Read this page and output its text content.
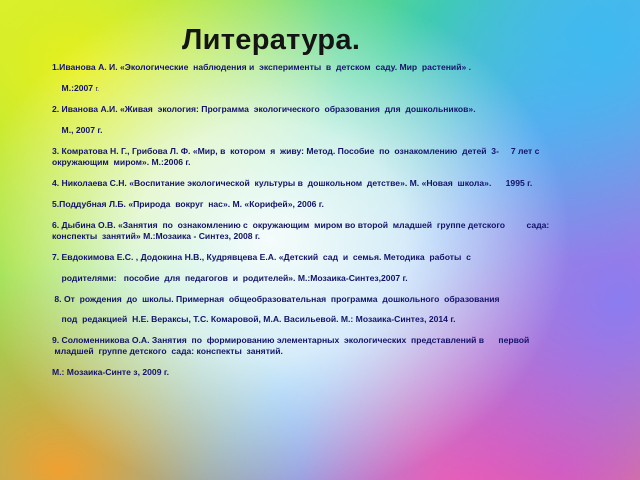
Литература.
1.Иванова А. И. «Экологические  наблюдения и  эксперименты  в  детском  саду. Мир  растений» .
М.:2007 г.
2. Иванова А.И. «Живая  экология: Программа  экологического  образования  для  дошкольников».
М., 2007 г.
3. Комратова Н. Г., Грибова Л. Ф. «Мир, в  котором  я  живу: Метод. Пособие  по  ознакомлению  детей  3-     7 лет с
окружающим  миром». М.:2006 г.
4. Николаева С.Н. «Воспитание экологической  культуры в  дошкольном  детстве». М. «Новая  школа».      1995 г.
5.Поддубная Л.Б. «Природа  вокруг  нас». М. «Корифей», 2006 г.
6. Дыбина О.В. «Занятия  по  ознакомлению с  окружающим  миром во второй  младшей  группе детского         сада:
конспекты  занятий» М.:Мозаика - Синтез, 2008 г.
7. Евдокимова Е.С. , Додокина Н.В., Кудрявцева Е.А. «Детский  сад  и  семья. Методика  работы  с
родителями:   пособие  для  педагогов  и  родителей». М.:Мозаика-Синтез,2007 г.
8. От  рождения  до  школы. Примерная  общеобразовательная  программа  дошкольного  образования
под  редакцией  Н.Е. Вераксы, Т.С. Комаровой, М.А. Васильевой. М.: Мозаика-Синтез, 2014 г.
9. Соломенникова О.А. Занятия  по  формированию элементарных  экологических  представлений в      первой
младшей  группе детского  сада: конспекты  занятий.
М.: Мозаика-Синте з, 2009 г.
